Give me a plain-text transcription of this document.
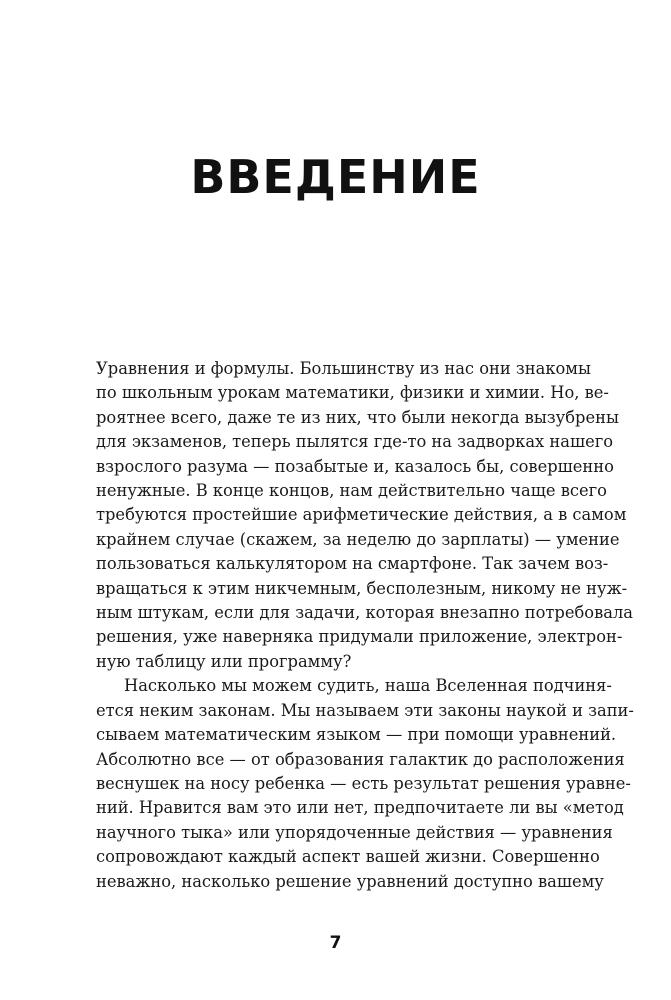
ВВЕДЕНИЕ
Уравнения и формулы. Большинству из нас они знакомы
по школьным урокам математики, физики и химии. Но, ве-
роятнее всего, даже те из них, что были некогда вызубрены
для экзаменов, теперь пылятся где-то на задворках нашего
взрослого разума — позабытые и, казалось бы, совершенно
ненужные. В конце концов, нам действительно чаще всего
требуются простейшие арифметические действия, а в самом
крайнем случае (скажем, за неделю до зарплаты) — умение
пользоваться калькулятором на смартфоне. Так зачем воз-
вращаться к этим никчемным, бесполезным, никому не нуж-
ным штукам, если для задачи, которая внезапно потребовала
решения, уже наверняка придумали приложение, электрон-
ную таблицу или программу?
Насколько мы можем судить, наша Вселенная подчиня-
ется неким законам. Мы называем эти законы наукой и запи-
сываем математическим языком — при помощи уравнений.
Абсолютно все — от образования галактик до расположения
веснушек на носу ребенка — есть результат решения уравне-
ний. Нравится вам это или нет, предпочитаете ли вы «метод
научного тыка» или упорядоченные действия — уравнения
сопровождают каждый аспект вашей жизни. Совершенно
неважно, насколько решение уравнений доступно вашему
7
